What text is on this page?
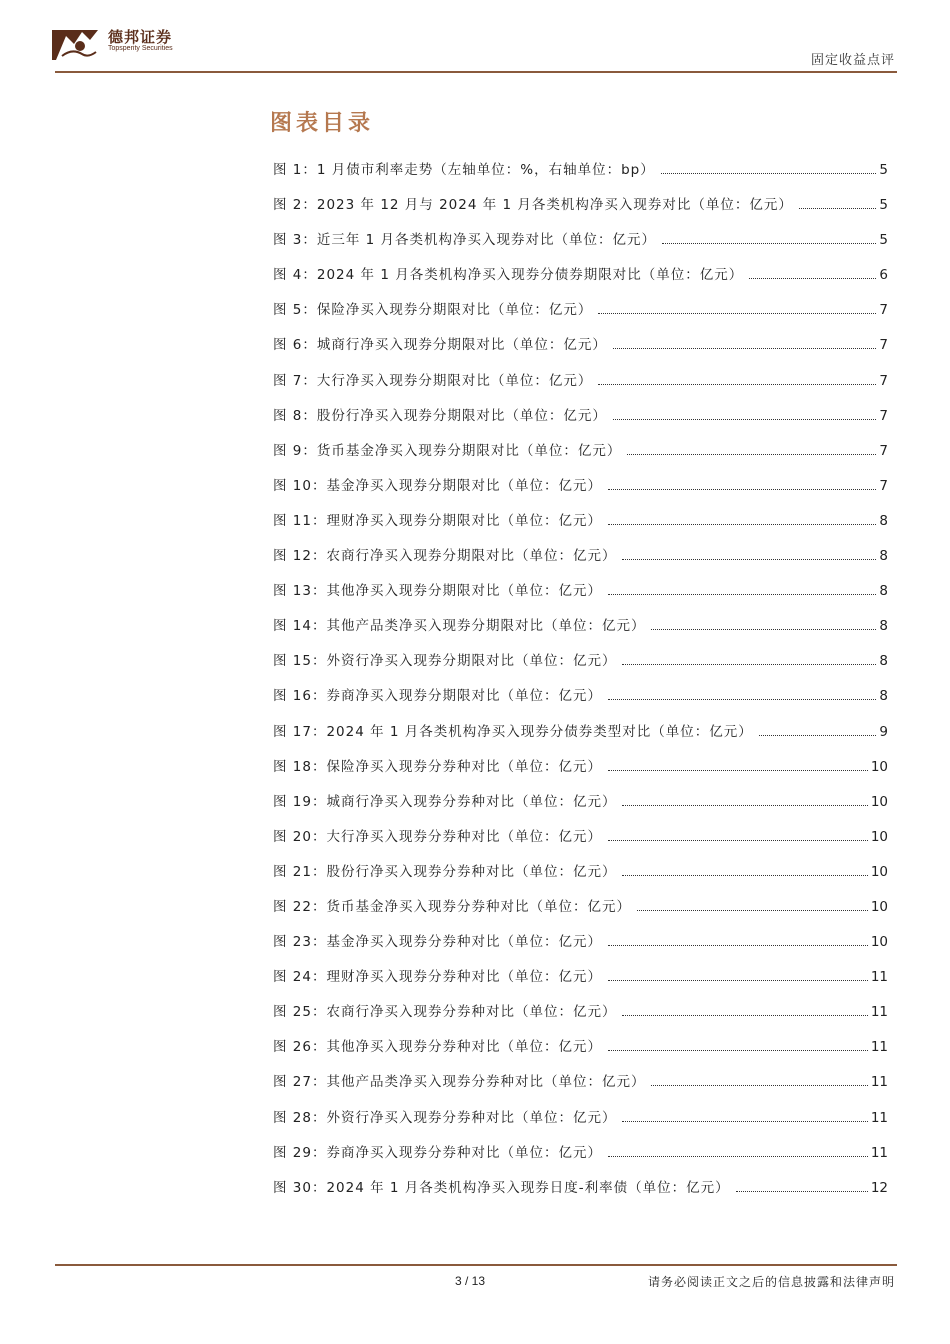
德邦证券
Topsperity Securities
固定收益点评
图表目录
图 1：1 月债市利率走势（左轴单位：%，右轴单位：bp）	5
图 2：2023 年 12 月与 2024 年 1 月各类机构净买入现券对比（单位：亿元）	5
图 3：近三年 1 月各类机构净买入现券对比（单位：亿元）	5
图 4：2024 年 1 月各类机构净买入现券分债券期限对比（单位：亿元）	6
图 5：保险净买入现券分期限对比（单位：亿元）	7
图 6：城商行净买入现券分期限对比（单位：亿元）	7
图 7：大行净买入现券分期限对比（单位：亿元）	7
图 8：股份行净买入现券分期限对比（单位：亿元）	7
图 9：货币基金净买入现券分期限对比（单位：亿元）	7
图 10：基金净买入现券分期限对比（单位：亿元）	7
图 11：理财净买入现券分期限对比（单位：亿元）	8
图 12：农商行净买入现券分期限对比（单位：亿元）	8
图 13：其他净买入现券分期限对比（单位：亿元）	8
图 14：其他产品类净买入现券分期限对比（单位：亿元）	8
图 15：外资行净买入现券分期限对比（单位：亿元）	8
图 16：券商净买入现券分期限对比（单位：亿元）	8
图 17：2024 年 1 月各类机构净买入现券分债券类型对比（单位：亿元）	9
图 18：保险净买入现券分券种对比（单位：亿元）	10
图 19：城商行净买入现券分券种对比（单位：亿元）	10
图 20：大行净买入现券分券种对比（单位：亿元）	10
图 21：股份行净买入现券分券种对比（单位：亿元）	10
图 22：货币基金净买入现券分券种对比（单位：亿元）	10
图 23：基金净买入现券分券种对比（单位：亿元）	10
图 24：理财净买入现券分券种对比（单位：亿元）	11
图 25：农商行净买入现券分券种对比（单位：亿元）	11
图 26：其他净买入现券分券种对比（单位：亿元）	11
图 27：其他产品类净买入现券分券种对比（单位：亿元）	11
图 28：外资行净买入现券分券种对比（单位：亿元）	11
图 29：券商净买入现券分券种对比（单位：亿元）	11
图 30：2024 年 1 月各类机构净买入现券日度-利率债（单位：亿元）	12
3 / 13	请务必阅读正文之后的信息披露和法律声明
